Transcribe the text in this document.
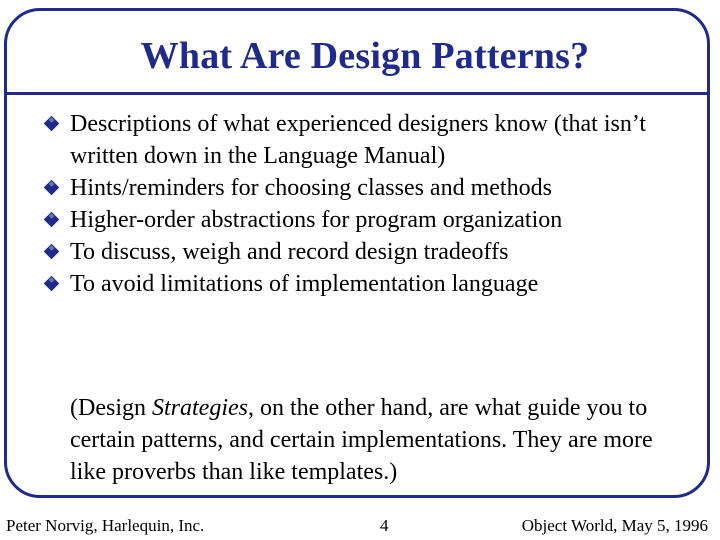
What Are Design Patterns?
Descriptions of what experienced designers know (that isn’t written down in the Language Manual)
Hints/reminders for choosing classes and methods
Higher-order abstractions for program organization
To discuss, weigh and record design tradeoffs
To avoid limitations of implementation language

(Design Strategies, on the other hand, are what guide you to certain patterns, and certain implementations. They are more like proverbs than like templates.)

Peter Norvig, Harlequin, Inc.	4	Object World, May 5, 1996
